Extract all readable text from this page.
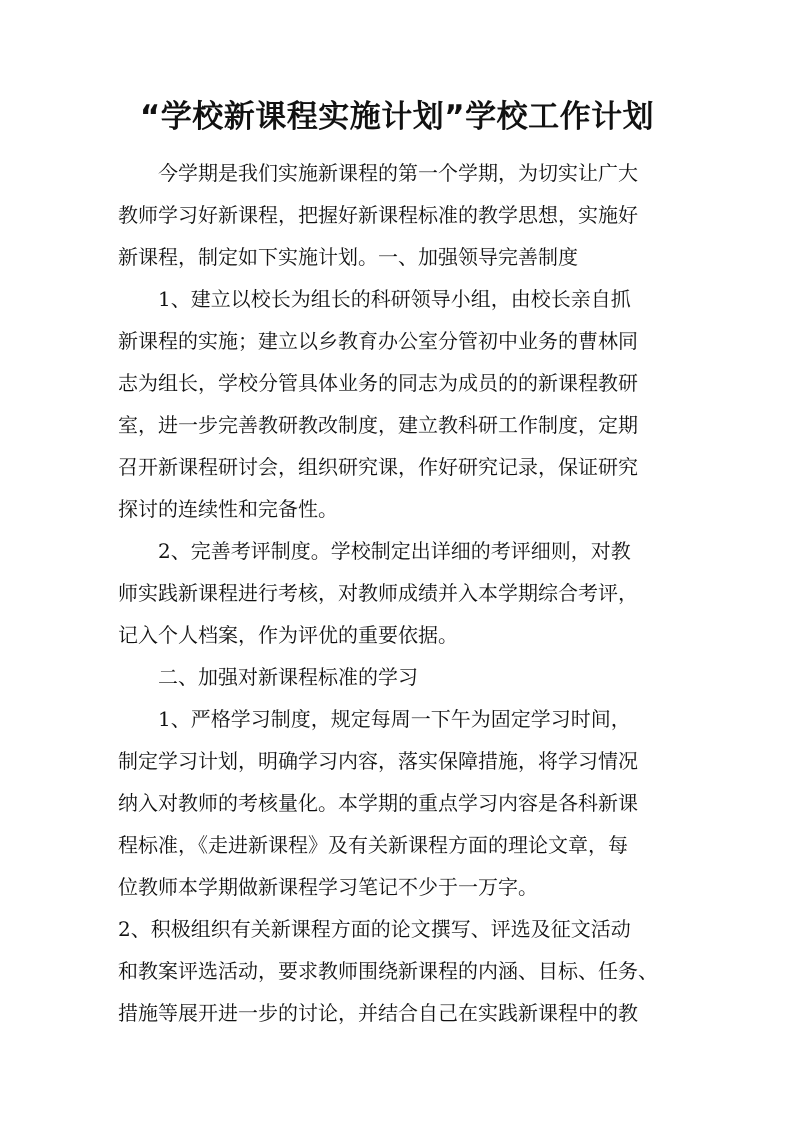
“学校新课程实施计划”学校工作计划
今学期是我们实施新课程的第一个学期，为切实让广大
教师学习好新课程，把握好新课程标准的教学思想，实施好
新课程，制定如下实施计划。一、加强领导完善制度
1、建立以校长为组长的科研领导小组，由校长亲自抓
新课程的实施；建立以乡教育办公室分管初中业务的曹林同
志为组长，学校分管具体业务的同志为成员的的新课程教研
室，进一步完善教研教改制度，建立教科研工作制度，定期
召开新课程研讨会，组织研究课，作好研究记录，保证研究
探讨的连续性和完备性。
2、完善考评制度。学校制定出详细的考评细则，对教
师实践新课程进行考核，对教师成绩并入本学期综合考评，
记入个人档案，作为评优的重要依据。
二、加强对新课程标准的学习
1、严格学习制度，规定每周一下午为固定学习时间，
制定学习计划，明确学习内容，落实保障措施，将学习情况
纳入对教师的考核量化。本学期的重点学习内容是各科新课
程标准，《走进新课程》及有关新课程方面的理论文章，每
位教师本学期做新课程学习笔记不少于一万字。
2、积极组织有关新课程方面的论文撰写、评选及征文活动
和教案评选活动，要求教师围绕新课程的内涵、目标、任务、
措施等展开进一步的讨论，并结合自己在实践新课程中的教
